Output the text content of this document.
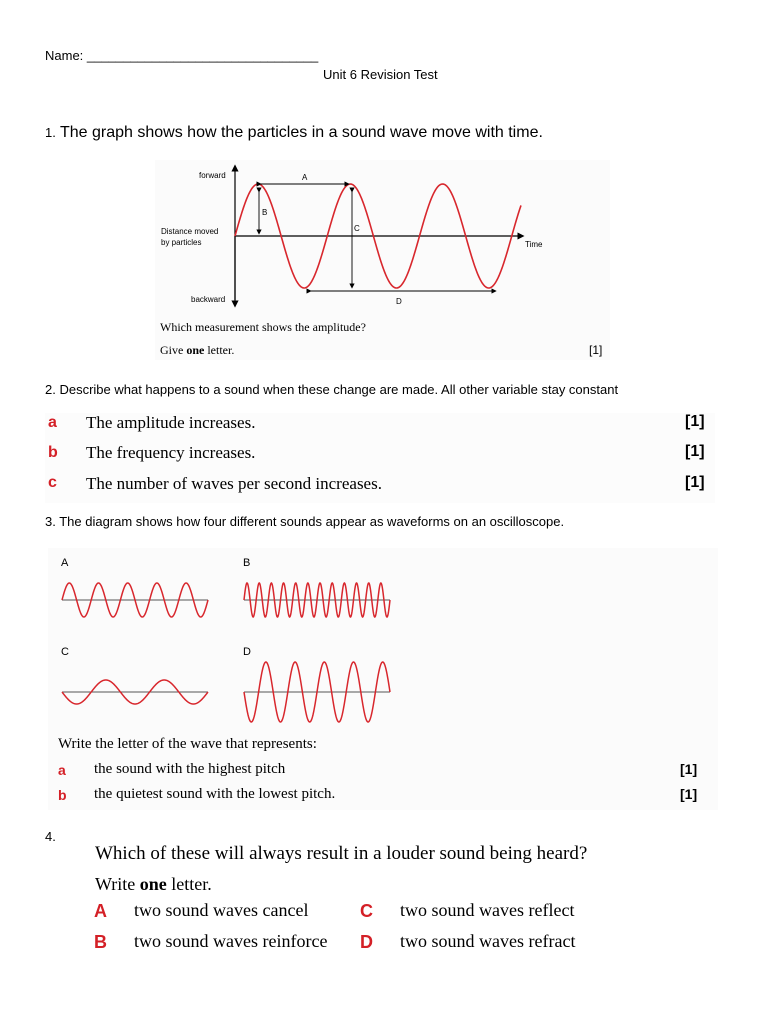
Name: ________________________________
Unit 6 Revision Test
1. The graph shows how the particles in a sound wave move with time.
forward
Distance moved
by particles
backward
Time
A
B
C
D
Which measurement shows the amplitude?
Give one letter.	[1]
2. Describe what happens to a sound when these change are made. All other variable stay constant
a The amplitude increases.	[1]
b The frequency increases.	[1]
c The number of waves per second increases.	[1]
3. The diagram shows how four different sounds appear as waveforms on an oscilloscope.
A	B
C	D
Write the letter of the wave that represents:
a the sound with the highest pitch	[1]
b the quietest sound with the lowest pitch.	[1]
4.
Which of these will always result in a louder sound being heard?
Write one letter.
A two sound waves cancel	C two sound waves reflect
B two sound waves reinforce D two sound waves refract
